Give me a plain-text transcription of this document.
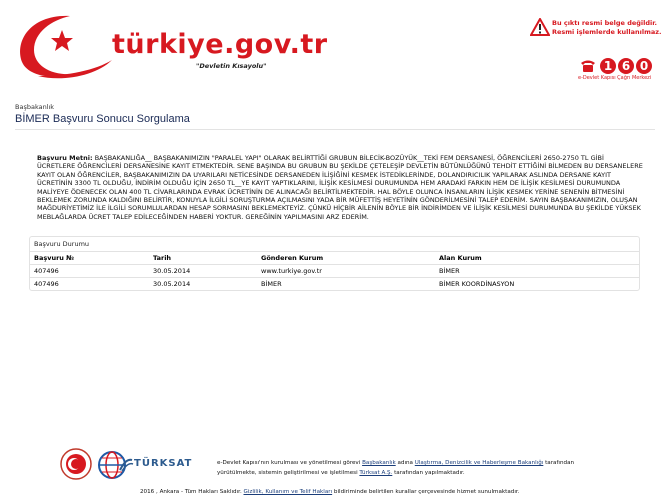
türkiye.gov.tr
"Devletin Kısayolu"
Bu çıktı resmi belge değildir.
Resmi işlemlerde kullanılmaz.
1 6 0
e-Devlet Kapısı Çağrı Merkezi
Başbakanlık
BİMER Başvuru Sonucu Sorgulama
Başvuru Metni: BAŞBAKANLIĞA__ BAŞBAKANIMIZIN "PARALEL YAPI" OLARAK BELİRTTİĞİ GRUBUN BİLECİK-BOZÜYÜK__TEKİ FEM DERSANESİ, ÖĞRENCİLERİ 2650-2750 TL GİBİ ÜCRETLERE ÖĞRENCİLERİ DERSANESİNE KAYIT ETMEKTEDİR. SENE BAŞINDA BU GRUBUN BU ŞEKİLDE ÇETELEŞİP DEVLETİN BÜTÜNLÜĞÜNÜ TEHDİT ETTİĞİNİ BİLMEDEN BU DERSANELERE KAYIT OLAN ÖĞRENCİLER, BAŞBAKANIMIZIN DA UYARILARI NETİCESİNDE DERSANEDEN İLİŞİĞİNİ KESMEK İSTEDİKLERİNDE, DOLANDIRICILIK YAPILARAK ASLINDA DERSANE KAYIT ÜCRETİNİN 3300 TL OLDUĞU, İNDİRİM OLDUĞU İÇİN 2650 TL__YE KAYIT YAPTIKLARINI, İLİŞİK KESİLMESİ DURUMUNDA HEM ARADAKİ FARKIN HEM DE İLİŞİK KESİLMESİ DURUMUNDA MALİYEYE ÖDENECEK OLAN 400 TL CİVARLARINDA EVRAK ÜCRETİNİN DE ALINACAĞI BELİRTİLMEKTEDİR. HAL BÖYLE OLUNCA İNSANLARIN İLİŞİK KESMEK YERİNE SENENİN BİTMESİNİ BEKLEMEK ZORUNDA KALDIĞINI BELİRTİR, KONUYLA İLGİLİ SORUŞTURMA AÇILMASINI YADA BİR MÜFETTİŞ HEYETİNİN GÖNDERİLMESİNİ TALEP EDERİM. SAYIN BAŞBAKANIMIZIN, OLUŞAN MAĞDURİYETİMİZ İLE İLGİLİ SORUMLULARDAN HESAP SORMASINI BEKLEMEKTEYİZ. ÇÜNKÜ HİÇBİR AİLENİN BÖYLE BİR İNDİRİMDEN VE İLİŞİK KESİLMESİ DURUMUNDA BU ŞEKİLDE YÜKSEK MEBLAĞLARDA ÜCRET TALEP EDİLECEĞİNDEN HABERİ YOKTUR. GEREĞİNİN YAPILMASINI ARZ EDERİM.
Başvuru Durumu
Başvuru №	Tarih	Gönderen Kurum	Alan Kurum
407496	30.05.2014	www.turkiye.gov.tr	BİMER
407496	30.05.2014	BİMER	BİMER KOORDİNASYON
TÜRKSAT	e-Devlet Kapısı'nın kurulması ve yönetilmesi görevi Başbakanlık adına Ulaştırma, Denizcilik ve Haberleşme Bakanlığı tarafından
yürütülmekte, sistemin geliştirilmesi ve işletilmesi Türksat A.Ş. tarafından yapılmaktadır.
2016 , Ankara - Tüm Hakları Saklıdır. Gizlilik, Kullanım ve Telif Hakları bildiriminde belirtilen kurallar çerçevesinde hizmet sunulmaktadır.
